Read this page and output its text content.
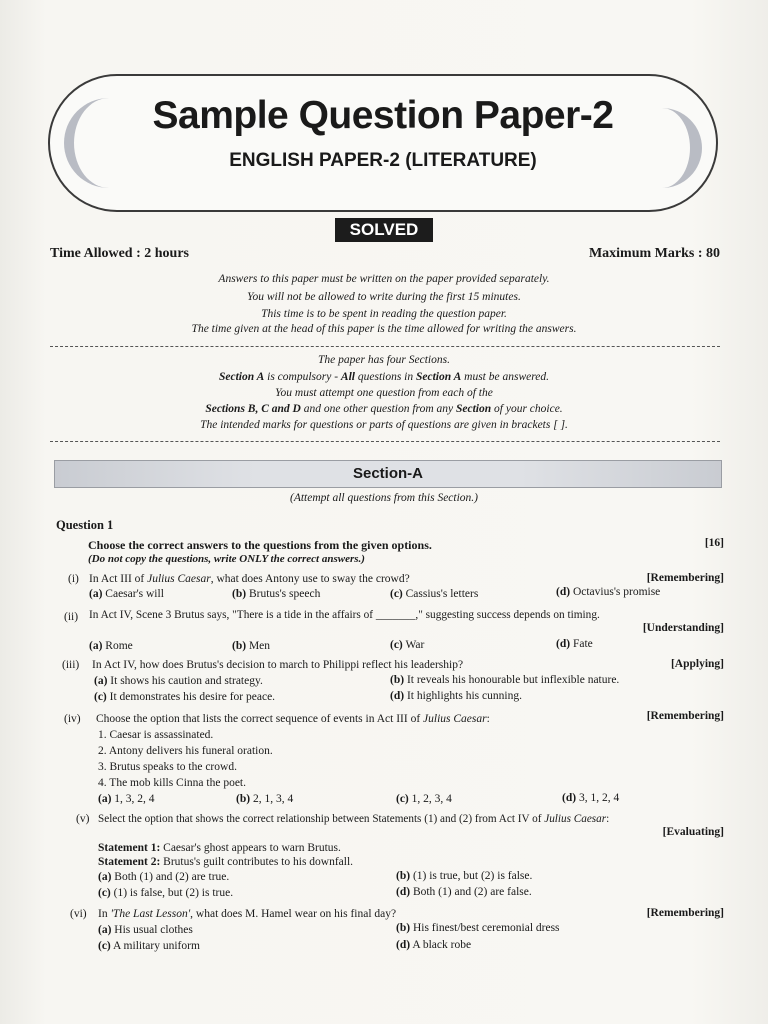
Sample Question Paper-2
ENGLISH PAPER-2 (LITERATURE)
SOLVED
Time Allowed : 2 hours	Maximum Marks : 80
Answers to this paper must be written on the paper provided separately.
You will not be allowed to write during the first 15 minutes.
This time is to be spent in reading the question paper.
The time given at the head of this paper is the time allowed for writing the answers.
The paper has four Sections.
Section A is compulsory - All questions in Section A must be answered.
You must attempt one question from each of the
Sections B, C and D and one other question from any Section of your choice.
The intended marks for questions or parts of questions are given in brackets [ ].
Section-A
(Attempt all questions from this Section.)
Question 1
Choose the correct answers to the questions from the given options.
(Do not copy the questions, write ONLY the correct answers.)
[16]
(i) In Act III of Julius Caesar, what does Antony use to sway the crowd?	[Remembering]
(a) Caesar's will	(b) Brutus's speech	(c) Cassius's letters	(d) Octavius's promise
(ii) In Act IV, Scene 3 Brutus says, "There is a tide in the affairs of _______," suggesting success depends on timing.
[Understanding]
(a) Rome	(b) Men	(c) War	(d) Fate
(iii) In Act IV, how does Brutus's decision to march to Philippi reflect his leadership?	[Applying]
(a) It shows his caution and strategy.	(b) It reveals his honourable but inflexible nature.
(c) It demonstrates his desire for peace.	(d) It highlights his cunning.
(iv) Choose the option that lists the correct sequence of events in Act III of Julius Caesar:	[Remembering]
1. Caesar is assassinated.
2. Antony delivers his funeral oration.
3. Brutus speaks to the crowd.
4. The mob kills Cinna the poet.
(a) 1, 3, 2, 4	(b) 2, 1, 3, 4	(c) 1, 2, 3, 4	(d) 3, 1, 2, 4
(v) Select the option that shows the correct relationship between Statements (1) and (2) from Act IV of Julius Caesar:
[Evaluating]
Statement 1: Caesar's ghost appears to warn Brutus.
Statement 2: Brutus's guilt contributes to his downfall.
(a) Both (1) and (2) are true.	(b) (1) is true, but (2) is false.
(c) (1) is false, but (2) is true.	(d) Both (1) and (2) are false.
(vi) In 'The Last Lesson', what does M. Hamel wear on his final day?	[Remembering]
(a) His usual clothes	(b) His finest/best ceremonial dress
(c) A military uniform	(d) A black robe
